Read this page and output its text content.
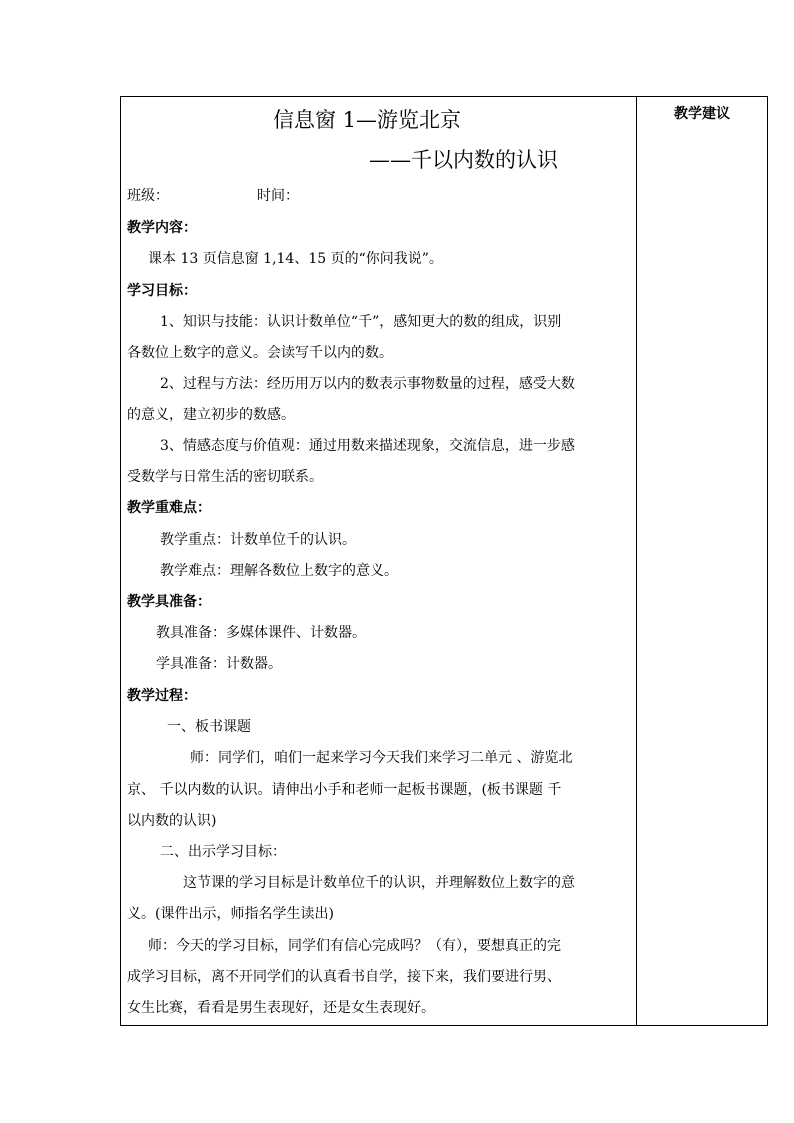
信息窗 1—游览北京
——千以内数的认识
班级：	时间：
教学内容：
课本 13 页信息窗 1,14、15 页的“你问我说”。
学习目标：
1、知识与技能：认识计数单位“千”，感知更大的数的组成，识别
各数位上数字的意义。会读写千以内的数。
2、过程与方法：经历用万以内的数表示事物数量的过程，感受大数
的意义，建立初步的数感。
3、情感态度与价值观：通过用数来描述现象，交流信息，进一步感
受数学与日常生活的密切联系。
教学重难点：
教学重点：计数单位千的认识。
教学难点：理解各数位上数字的意义。
教学具准备：
教具准备：多媒体课件、计数器。
学具准备：计数器。
教学过程：
一、板书课题
师：同学们，咱们一起来学习今天我们来学习二单元 、游览北
京、 千以内数的认识。请伸出小手和老师一起板书课题，(板书课题 千
以内数的认识)
二、出示学习目标：
这节课的学习目标是计数单位千的认识，并理解数位上数字的意
义。(课件出示，师指名学生读出)
师：今天的学习目标，同学们有信心完成吗？（有），要想真正的完
成学习目标，离不开同学们的认真看书自学，接下来，我们要进行男、
女生比赛，看看是男生表现好，还是女生表现好。
教学建议
